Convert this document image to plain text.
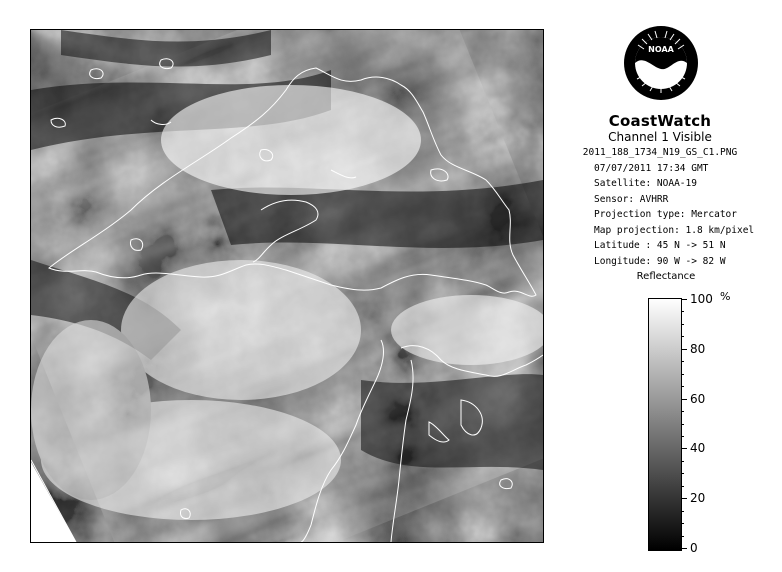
NOAA
CoastWatch
Channel 1 Visible
2011_188_1734_N19_GS_C1.PNG
07/07/2011 17:34 GMT
Satellite: NOAA-19
Sensor: AVHRR
Projection type: Mercator
Map projection: 1.8 km/pixel
Latitude : 45 N -> 51 N
Longitude: 90 W -> 82 W
Reflectance
%
100
80
60
40
20
0
